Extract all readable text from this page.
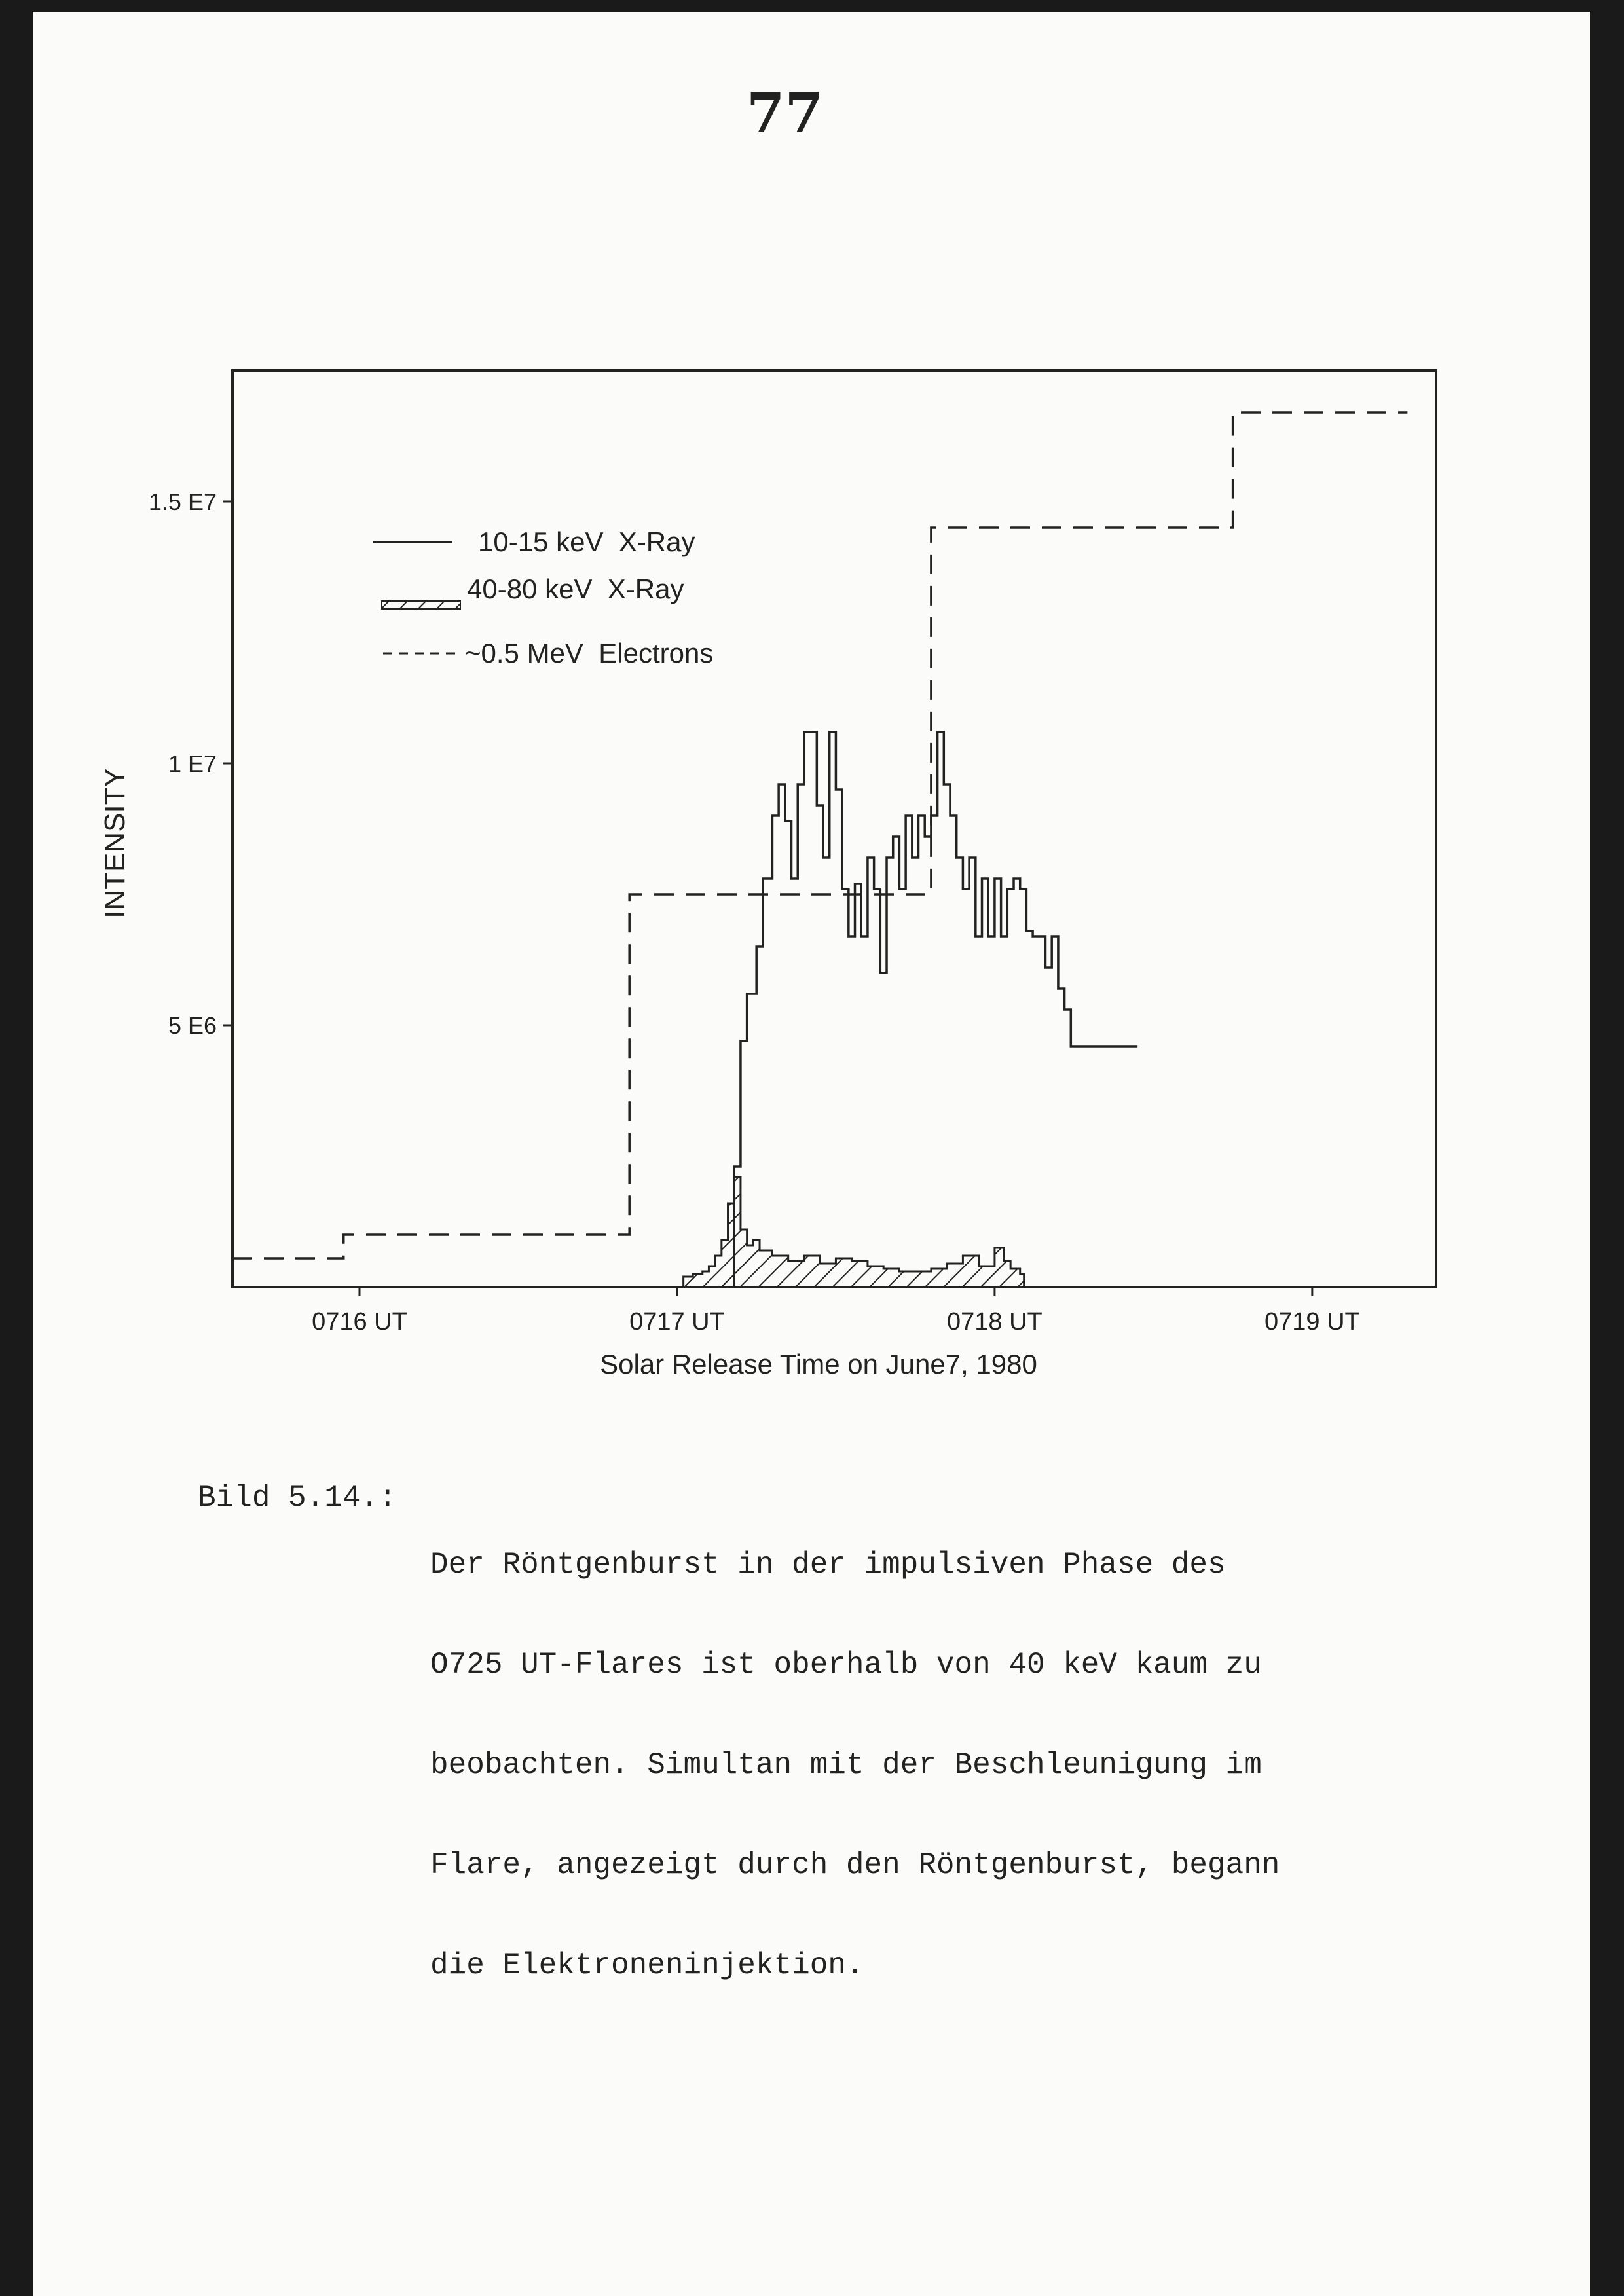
77
0716 UT	0717 UT	0718 UT	0719 UT
5 E6
1 E7
1.5 E7
INTENSITY
Solar Release Time on June7, 1980
10-15 keV  X-Ray
40-80 keV  X-Ray
~0.5 MeV  Electrons
Bild 5.14.:

Der Röntgenburst in der impulsiven Phase des

O725 UT-Flares ist oberhalb von 40 keV kaum zu

beobachten. Simultan mit der Beschleunigung im

Flare, angezeigt durch den Röntgenburst, begann

die Elektroneninjektion.
